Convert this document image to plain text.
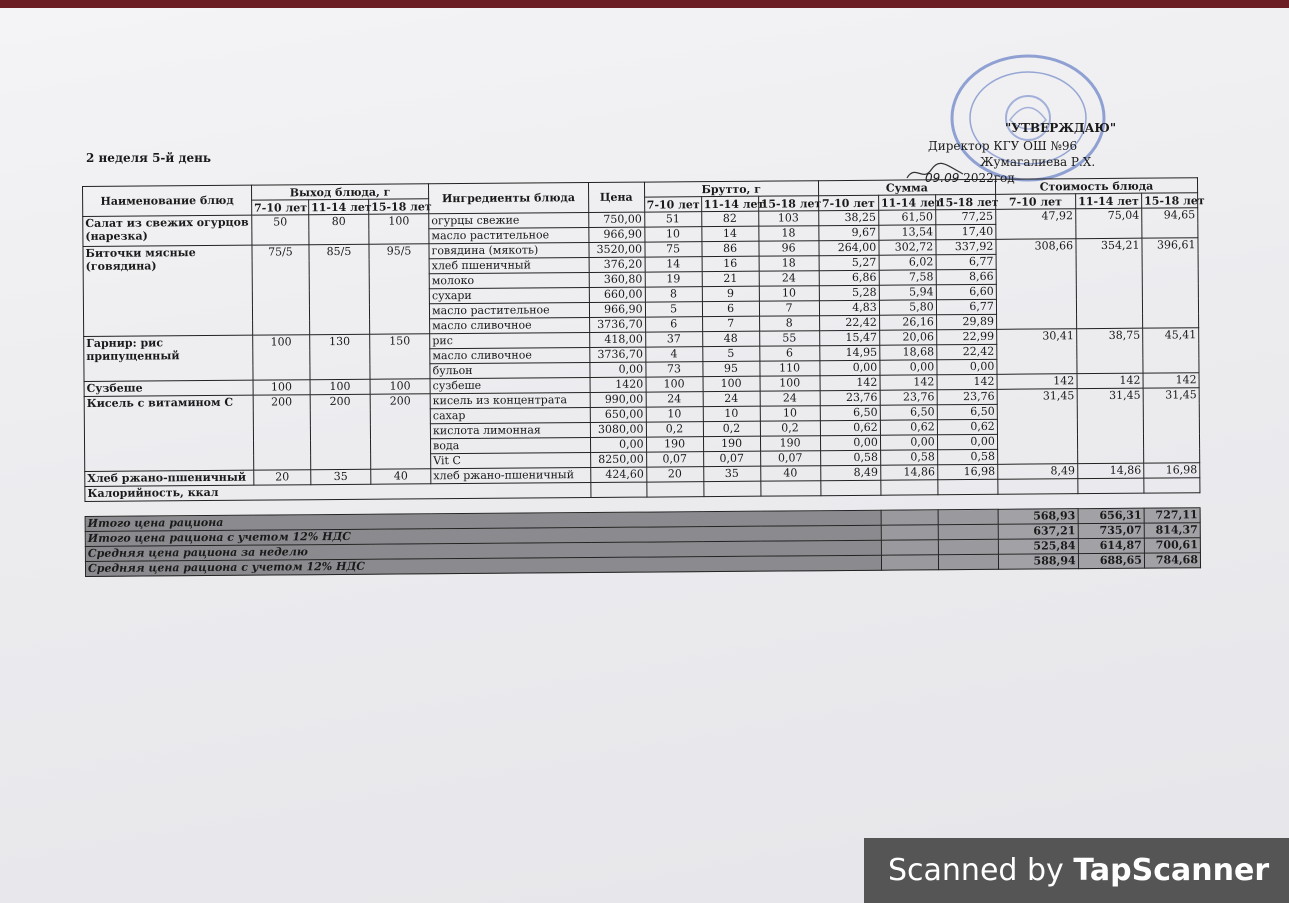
2 неделя 5-й день
"УТВЕРЖДАЮ"
Директор КГУ ОШ №96
Жумагалиева Р.Х.
09.09 2022год
Наименование блюд	Выход блюда, г			Ингредиенты блюда	Цена	Брутто, г			Сумма			Стоимость блюда		
	7-10 лет	11-14 лет	15-18 лет			7-10 лет	11-14 лет	15-18 лет	7-10 лет	11-14 лет	15-18 лет	7-10 лет	11-14 лет	15-18 лет
Салат из свежих огурцов (нарезка)	50	80	100	огурцы свежие	750,00	51	82	103	38,25	61,50	77,25	47,92	75,04	94,65
				масло растительное	966,90	10	14	18	9,67	13,54	17,40			
Биточки мясные (говядина)	75/5	85/5	95/5	говядина (мякоть)	3520,00	75	86	96	264,00	302,72	337,92	308,66	354,21	396,61
				хлеб пшеничный	376,20	14	16	18	5,27	6,02	6,77			
				молоко	360,80	19	21	24	6,86	7,58	8,66			
				сухари	660,00	8	9	10	5,28	5,94	6,60			
				масло растительное	966,90	5	6	7	4,83	5,80	6,77			
				масло сливочное	3736,70	6	7	8	22,42	26,16	29,89			
Гарнир: рис припущенный	100	130	150	рис	418,00	37	48	55	15,47	20,06	22,99	30,41	38,75	45,41
				масло сливочное	3736,70	4	5	6	14,95	18,68	22,42			
				бульон	0,00	73	95	110	0,00	0,00	0,00			
Сузбеше	100	100	100	сузбеше	1420	100	100	100	142	142	142	142	142	142
Кисель с витамином С	200	200	200	кисель из концентрата	990,00	24	24	24	23,76	23,76	23,76	31,45	31,45	31,45
				сахар	650,00	10	10	10	6,50	6,50	6,50			
				кислота лимонная	3080,00	0,2	0,2	0,2	0,62	0,62	0,62			
				вода	0,00	190	190	190	0,00	0,00	0,00			
				Vit C	8250,00	0,07	0,07	0,07	0,58	0,58	0,58			
Хлеб ржано-пшеничный	20	35	40	хлеб ржано-пшеничный	424,60	20	35	40	8,49	14,86	16,98	8,49	14,86	16,98
Калорийность, ккал														

Итого цена рациона												568,93	656,31	727,11
Итого цена рациона с учетом 12% НДС												637,21	735,07	814,37
Средняя цена рациона за неделю												525,84	614,87	700,61
Средняя цена рациона с учетом 12% НДС												588,94	688,65	784,68
Scanned by TapScanner
